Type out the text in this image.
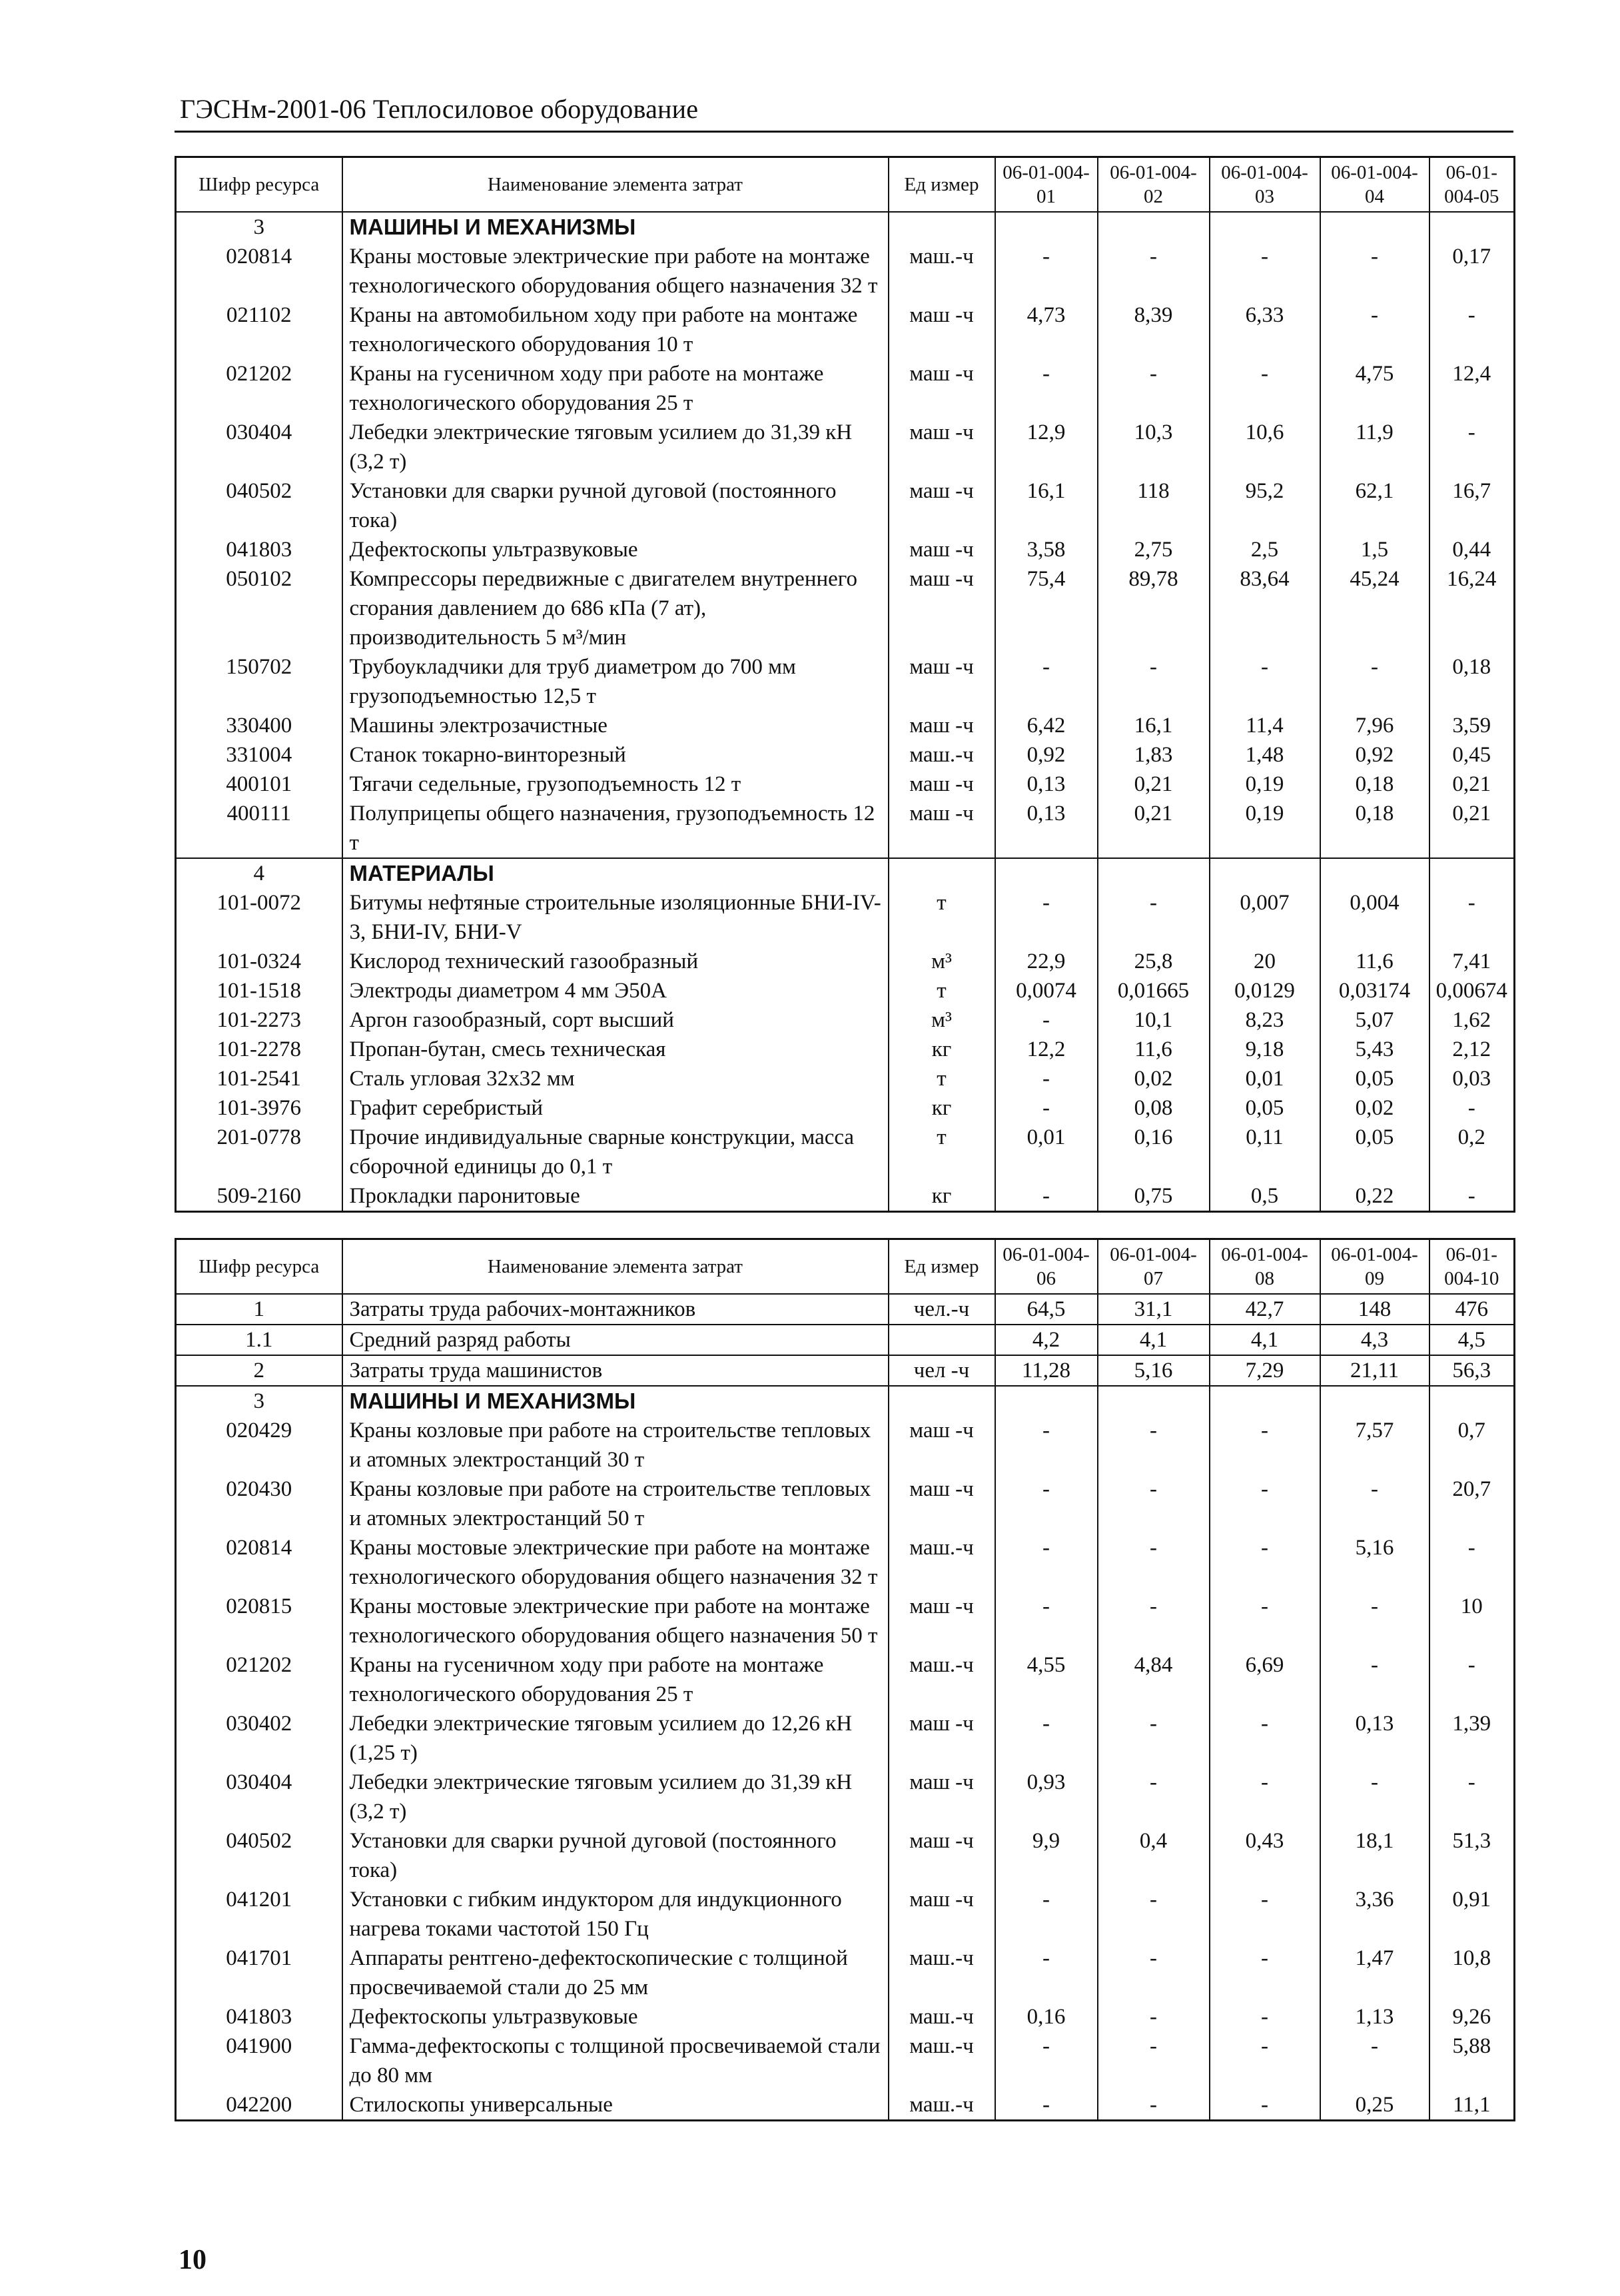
ГЭСНм-2001-06 Теплосиловое оборудование
Шифр ресурса	Наименование элемента затрат	Ед измер	06-01-004-01	06-01-004-02	06-01-004-03	06-01-004-04	06-01-004-05
3	МАШИНЫ И МЕХАНИЗМЫ						
020814	Краны мостовые электрические при работе на монтаже технологического оборудования общего назначения 32 т	маш.-ч	-	-	-	-	0,17
021102	Краны на автомобильном ходу при работе на монтаже технологического оборудования 10 т	маш -ч	4,73	8,39	6,33	-	-
021202	Краны на гусеничном ходу при работе на монтаже технологического оборудования 25 т	маш -ч	-	-	-	4,75	12,4
030404	Лебедки электрические тяговым усилием до 31,39 кН (3,2 т)	маш -ч	12,9	10,3	10,6	11,9	-
040502	Установки для сварки ручной дуговой (постоянного тока)	маш -ч	16,1	118	95,2	62,1	16,7
041803	Дефектоскопы ультразвуковые	маш -ч	3,58	2,75	2,5	1,5	0,44
050102	Компрессоры передвижные с двигателем внутреннего сгорания давлением до 686 кПа (7 ат), производительность 5 м³/мин	маш -ч	75,4	89,78	83,64	45,24	16,24
150702	Трубоукладчики для труб диаметром до 700 мм грузоподъемностью 12,5 т	маш -ч	-	-	-	-	0,18
330400	Машины электрозачистные	маш -ч	6,42	16,1	11,4	7,96	3,59
331004	Станок токарно-винторезный	маш.-ч	0,92	1,83	1,48	0,92	0,45
400101	Тягачи седельные, грузоподъемность 12 т	маш -ч	0,13	0,21	0,19	0,18	0,21
400111	Полуприцепы общего назначения, грузоподъемность 12 т	маш -ч	0,13	0,21	0,19	0,18	0,21
4	МАТЕРИАЛЫ						
101-0072	Битумы нефтяные строительные изоляционные БНИ-IV-3, БНИ-IV, БНИ-V	т	-	-	0,007	0,004	-
101-0324	Кислород технический газообразный	м³	22,9	25,8	20	11,6	7,41
101-1518	Электроды диаметром 4 мм Э50А	т	0,0074	0,01665	0,0129	0,03174	0,00674
101-2273	Аргон газообразный, сорт высший	м³	-	10,1	8,23	5,07	1,62
101-2278	Пропан-бутан, смесь техническая	кг	12,2	11,6	9,18	5,43	2,12
101-2541	Сталь угловая 32х32 мм	т	-	0,02	0,01	0,05	0,03
101-3976	Графит серебристый	кг	-	0,08	0,05	0,02	-
201-0778	Прочие индивидуальные сварные конструкции, масса сборочной единицы до 0,1 т	т	0,01	0,16	0,11	0,05	0,2
509-2160	Прокладки паронитовые	кг	-	0,75	0,5	0,22	-
Шифр ресурса	Наименование элемента затрат	Ед измер	06-01-004-06	06-01-004-07	06-01-004-08	06-01-004-09	06-01-004-10
1	Затраты труда рабочих-монтажников	чел.-ч	64,5	31,1	42,7	148	476
1.1	Средний разряд работы		4,2	4,1	4,1	4,3	4,5
2	Затраты труда машинистов	чел -ч	11,28	5,16	7,29	21,11	56,3
3	МАШИНЫ И МЕХАНИЗМЫ						
020429	Краны козловые при работе на строительстве тепловых и атомных электростанций 30 т	маш -ч	-	-	-	7,57	0,7
020430	Краны козловые при работе на строительстве тепловых и атомных электростанций 50 т	маш -ч	-	-	-	-	20,7
020814	Краны мостовые электрические при работе на монтаже технологического оборудования общего назначения 32 т	маш.-ч	-	-	-	5,16	-
020815	Краны мостовые электрические при работе на монтаже технологического оборудования общего назначения 50 т	маш -ч	-	-	-	-	10
021202	Краны на гусеничном ходу при работе на монтаже технологического оборудования 25 т	маш.-ч	4,55	4,84	6,69	-	-
030402	Лебедки электрические тяговым усилием до 12,26 кН (1,25 т)	маш -ч	-	-	-	0,13	1,39
030404	Лебедки электрические тяговым усилием до 31,39 кН (3,2 т)	маш -ч	0,93	-	-	-	-
040502	Установки для сварки ручной дуговой (постоянного тока)	маш -ч	9,9	0,4	0,43	18,1	51,3
041201	Установки с гибким индуктором для индукционного нагрева токами частотой 150 Гц	маш -ч	-	-	-	3,36	0,91
041701	Аппараты рентгено-дефектоскопические с толщиной просвечиваемой стали до 25 мм	маш.-ч	-	-	-	1,47	10,8
041803	Дефектоскопы ультразвуковые	маш.-ч	0,16	-	-	1,13	9,26
041900	Гамма-дефектоскопы с толщиной просвечиваемой стали до 80 мм	маш.-ч	-	-	-	-	5,88
042200	Стилоскопы универсальные	маш.-ч	-	-	-	0,25	11,1
10
